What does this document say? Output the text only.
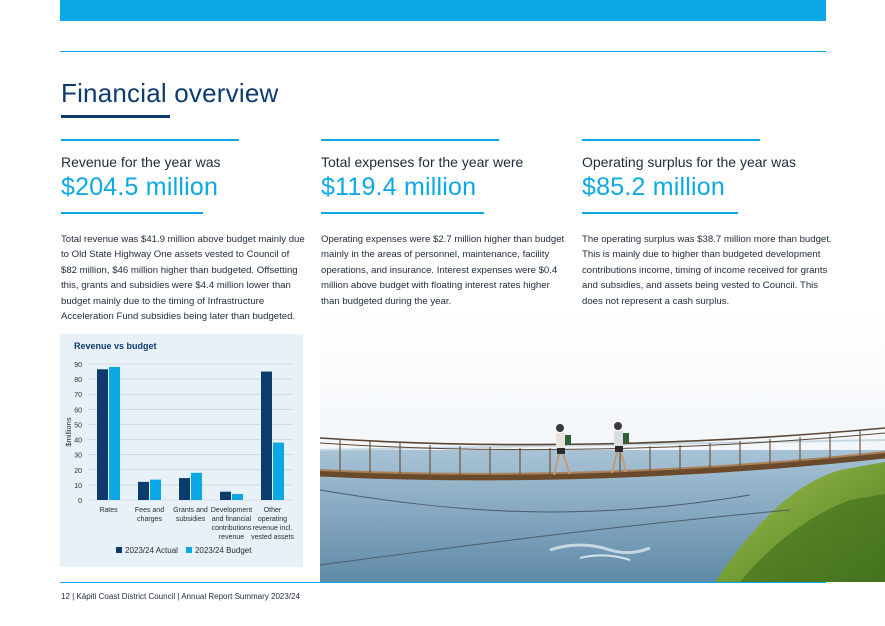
Financial overview
Revenue for the year was
$204.5 million
Total revenue was $41.9 million above budget mainly due to Old State Highway One assets vested to Council of $82 million, $46 million higher than budgeted. Offsetting this, grants and subsidies were $4.4 million lower than budget mainly due to the timing of Infrastructure Acceleration Fund subsidies being later than budgeted.
Total expenses for the year were
$119.4 million
Operating expenses were $2.7 million higher than budget mainly in the areas of personnel, maintenance, facility operations, and insurance. Interest expenses were $0.4 million above budget with floating interest rates higher than budgeted during the year.
Operating surplus for the year was
$85.2 million
The operating surplus was $38.7 million more than budget. This is mainly due to higher than budgeted development contributions income, timing of income received for grants and subsidies, and assets being vested to Council. This does not represent a cash surplus.
0
10
20
30
40
50
60
70
80
90
$millions
Rates Fees and
charges
Grants and
subsidies
Development
and financial
contributions
revenue
Other
operating
revenue incl.
vested assets
Revenue vs budget
2023/24 Actual	2023/24 Budget
12 | Kāpiti Coast District Council | Annual Report Summary 2023/24
